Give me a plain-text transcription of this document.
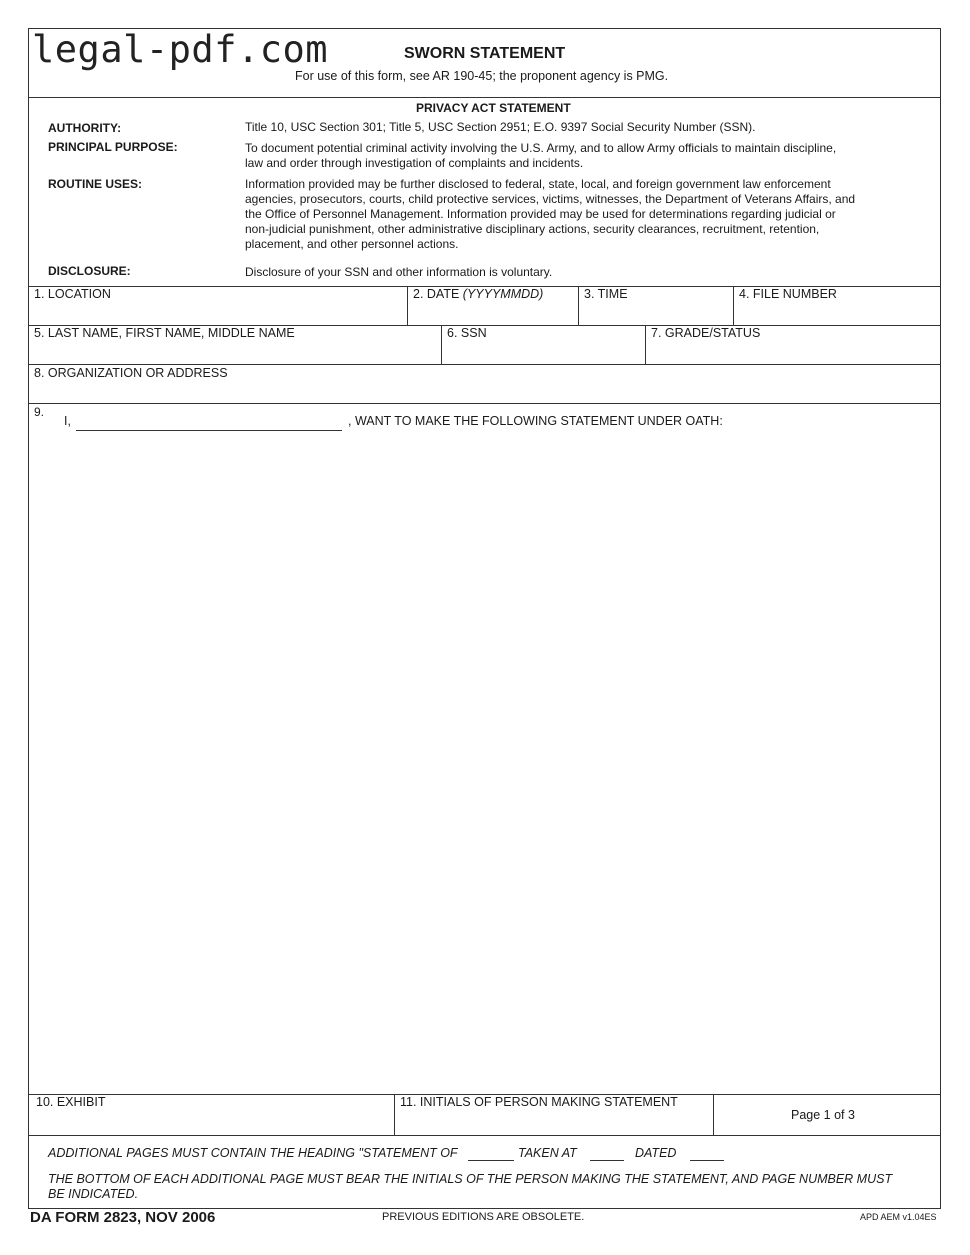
legal-pdf.com	SWORN STATEMENT
For use of this form, see AR 190-45; the proponent agency is PMG.
PRIVACY ACT STATEMENT
AUTHORITY:	Title 10, USC Section 301; Title 5, USC Section 2951; E.O. 9397 Social Security Number (SSN).
PRINCIPAL PURPOSE:	To document potential criminal activity involving the U.S. Army, and to allow Army officials to maintain discipline,
law and order through investigation of complaints and incidents.
ROUTINE USES:	Information provided may be further disclosed to federal, state, local, and foreign government law enforcement
agencies, prosecutors, courts, child protective services, victims, witnesses, the Department of Veterans Affairs, and
the Office of Personnel Management. Information provided may be used for determinations regarding judicial or
non-judicial punishment, other administrative disciplinary actions, security clearances, recruitment, retention,
placement, and other personnel actions.
DISCLOSURE:	Disclosure of your SSN and other information is voluntary.
1. LOCATION	2. DATE (YYYYMMDD)	3. TIME	4. FILE NUMBER
5. LAST NAME, FIRST NAME, MIDDLE NAME	6. SSN	7. GRADE/STATUS
8. ORGANIZATION OR ADDRESS
9.
I,	, WANT TO MAKE THE FOLLOWING STATEMENT UNDER OATH:
10. EXHIBIT	11. INITIALS OF PERSON MAKING STATEMENT
Page 1 of 3
ADDITIONAL PAGES MUST CONTAIN THE HEADING "STATEMENT OF	TAKEN AT	DATED
THE BOTTOM OF EACH ADDITIONAL PAGE MUST BEAR THE INITIALS OF THE PERSON MAKING THE STATEMENT, AND PAGE NUMBER MUST
BE INDICATED.
DA FORM 2823, NOV 2006	PREVIOUS EDITIONS ARE OBSOLETE.	APD AEM v1.04ES
